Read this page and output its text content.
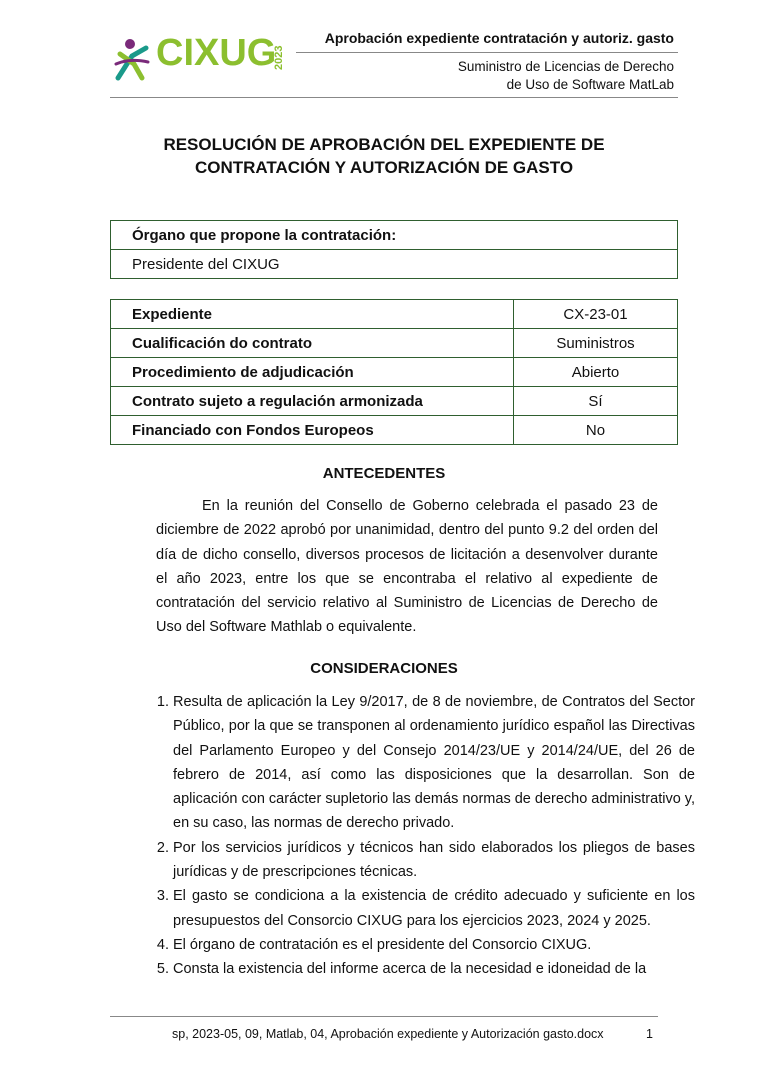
CIXUG
2023
Aprobación expediente contratación y autoriz. gasto
Suministro de Licencias de Derecho
de Uso de Software MatLab
RESOLUCIÓN DE APROBACIÓN DEL EXPEDIENTE DE
CONTRATACIÓN Y AUTORIZACIÓN DE GASTO
Órgano que propone la contratación:
Presidente del CIXUG
Expediente	CX-23-01
Cualificación do contrato	Suministros
Procedimiento de adjudicación	Abierto
Contrato sujeto a regulación armonizada	Sí
Financiado con Fondos Europeos	No
ANTECEDENTES
En la reunión del Consello de Goberno celebrada el pasado 23 de diciembre de 2022 aprobó por unanimidad, dentro del punto 9.2 del orden del día de dicho consello, diversos procesos de licitación a desenvolver durante el año 2023, entre los que se encontraba el relativo al expediente de contratación del servicio relativo al Suministro de Licencias de Derecho de Uso del Software Mathlab o equivalente.
CONSIDERACIONES
1. Resulta de aplicación la Ley 9/2017, de 8 de noviembre, de Contratos del Sector Público, por la que se transponen al ordenamiento jurídico español las Directivas del Parlamento Europeo y del Consejo 2014/23/UE y 2014/24/UE, del 26 de febrero de 2014, así como las disposiciones que la desarrollan. Son de aplicación con carácter supletorio las demás normas de derecho administrativo y, en su caso, las normas de derecho privado.
2. Por los servicios jurídicos y técnicos han sido elaborados los pliegos de bases jurídicas y de prescripciones técnicas.
3. El gasto se condiciona a la existencia de crédito adecuado y suficiente en los presupuestos del Consorcio CIXUG para los ejercicios 2023, 2024 y 2025.
4. El órgano de contratación es el presidente del Consorcio CIXUG.
5. Consta la existencia del informe acerca de la necesidad e idoneidad de la
sp, 2023-05, 09, Matlab, 04, Aprobación expediente y Autorización gasto.docx	1
